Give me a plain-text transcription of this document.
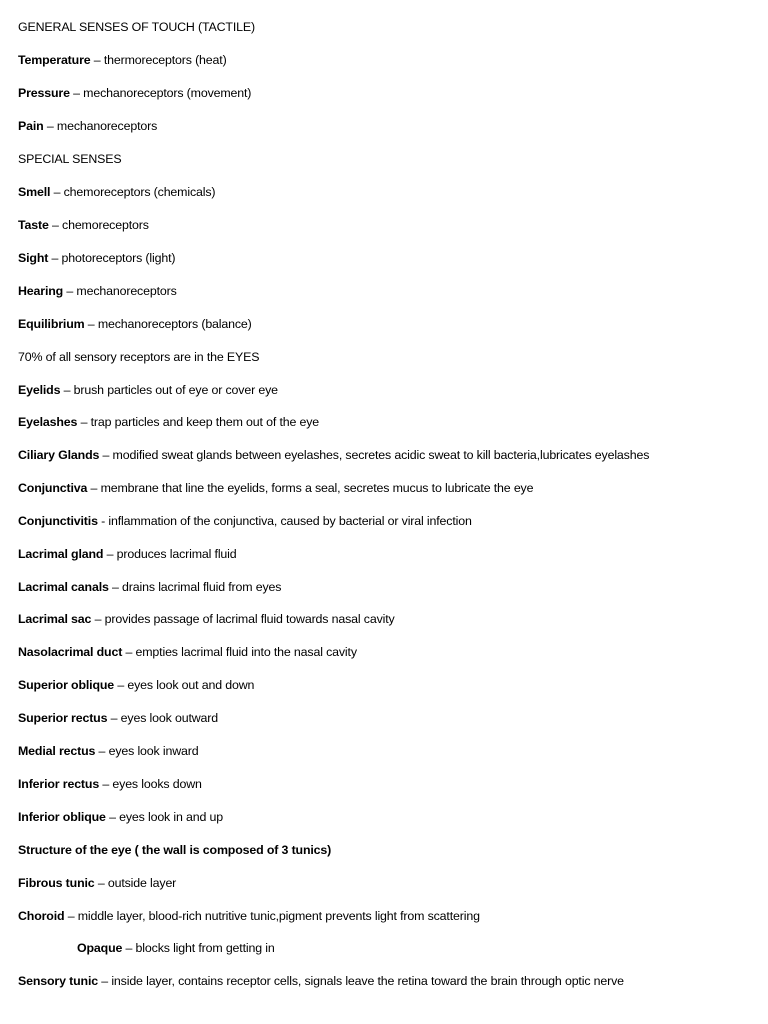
GENERAL SENSES OF TOUCH (TACTILE)
Temperature – thermoreceptors (heat)
Pressure – mechanoreceptors (movement)
Pain – mechanoreceptors
SPECIAL SENSES
Smell – chemoreceptors (chemicals)
Taste – chemoreceptors
Sight – photoreceptors (light)
Hearing – mechanoreceptors
Equilibrium – mechanoreceptors (balance)
70% of all sensory receptors are in the EYES
Eyelids – brush particles out of eye or cover eye
Eyelashes – trap particles and keep them out of the eye
Ciliary Glands – modified sweat glands between eyelashes, secretes acidic sweat to kill bacteria,lubricates eyelashes
Conjunctiva – membrane that line the eyelids, forms a seal, secretes mucus to lubricate the eye
Conjunctivitis - inflammation of the conjunctiva, caused by bacterial or viral infection
Lacrimal gland – produces lacrimal fluid
Lacrimal canals – drains lacrimal fluid from eyes
Lacrimal sac – provides passage of lacrimal fluid towards nasal cavity
Nasolacrimal duct – empties lacrimal fluid into the nasal cavity
Superior oblique – eyes look out and down
Superior rectus – eyes look outward
Medial rectus – eyes look inward
Inferior rectus – eyes looks down
Inferior oblique – eyes look in and up
Structure of the eye ( the wall is composed of 3 tunics)
Fibrous tunic – outside layer
Choroid – middle layer, blood-rich nutritive tunic,pigment prevents light from scattering
Opaque – blocks light from getting in
Sensory tunic – inside layer, contains receptor cells, signals leave the retina toward the brain through optic nerve
